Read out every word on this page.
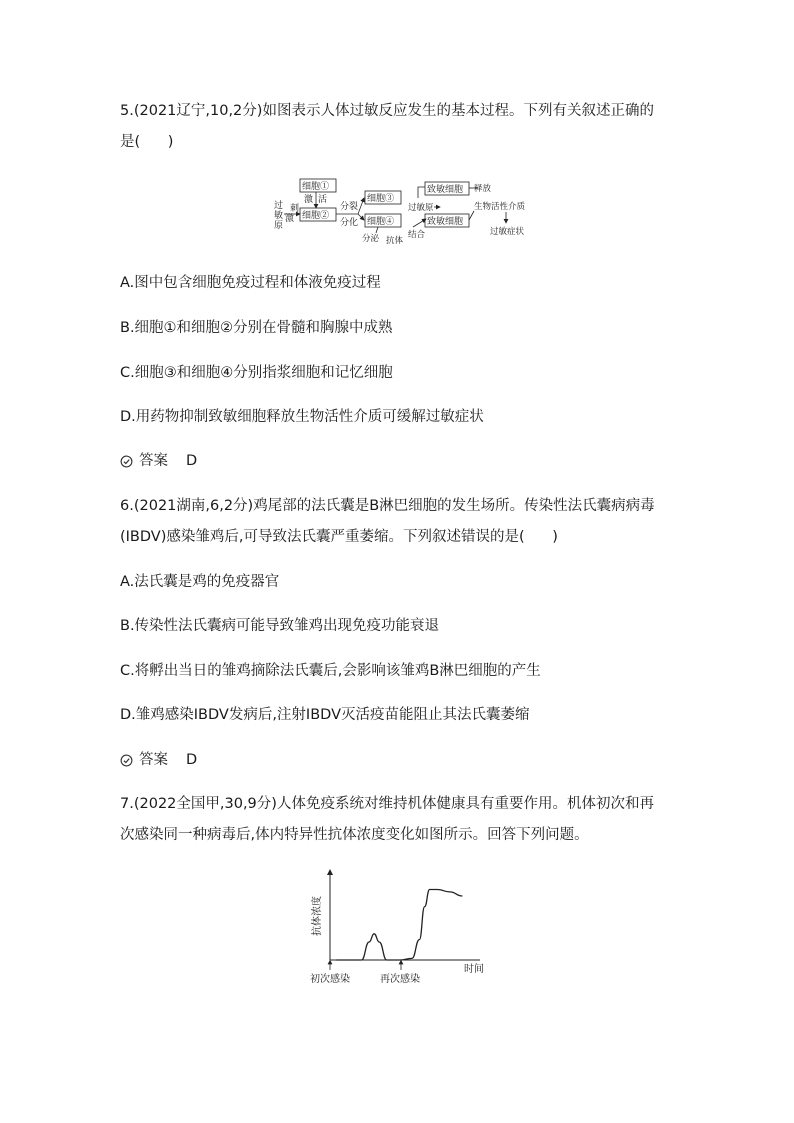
5.(2021辽宁,10,2分)如图表示人体过敏反应发生的基本过程。下列有关叙述正确的
是(      )
过
敏
原
刺
激
细胞①
激 活
细胞②
分裂
分化
细胞③
细胞④
分泌 抗体
结合
致敏细胞
致敏细胞
过敏原
释放
生物活性介质
过敏症状
A.图中包含细胞免疫过程和体液免疫过程
B.细胞①和细胞②分别在骨髓和胸腺中成熟
C.细胞③和细胞④分别指浆细胞和记忆细胞
D.用药物抑制致敏细胞释放生物活性介质可缓解过敏症状
答案 D
6.(2021湖南,6,2分)鸡尾部的法氏囊是B淋巴细胞的发生场所。传染性法氏囊病病毒
(IBDV)感染雏鸡后,可导致法氏囊严重萎缩。下列叙述错误的是(      )
A.法氏囊是鸡的免疫器官
B.传染性法氏囊病可能导致雏鸡出现免疫功能衰退
C.将孵出当日的雏鸡摘除法氏囊后,会影响该雏鸡B淋巴细胞的产生
D.雏鸡感染IBDV发病后,注射IBDV灭活疫苗能阻止其法氏囊萎缩
答案 D
7.(2022全国甲,30,9分)人体免疫系统对维持机体健康具有重要作用。机体初次和再
次感染同一种病毒后,体内特异性抗体浓度变化如图所示。回答下列问题。
抗体浓度
时间
初次感染	再次感染
